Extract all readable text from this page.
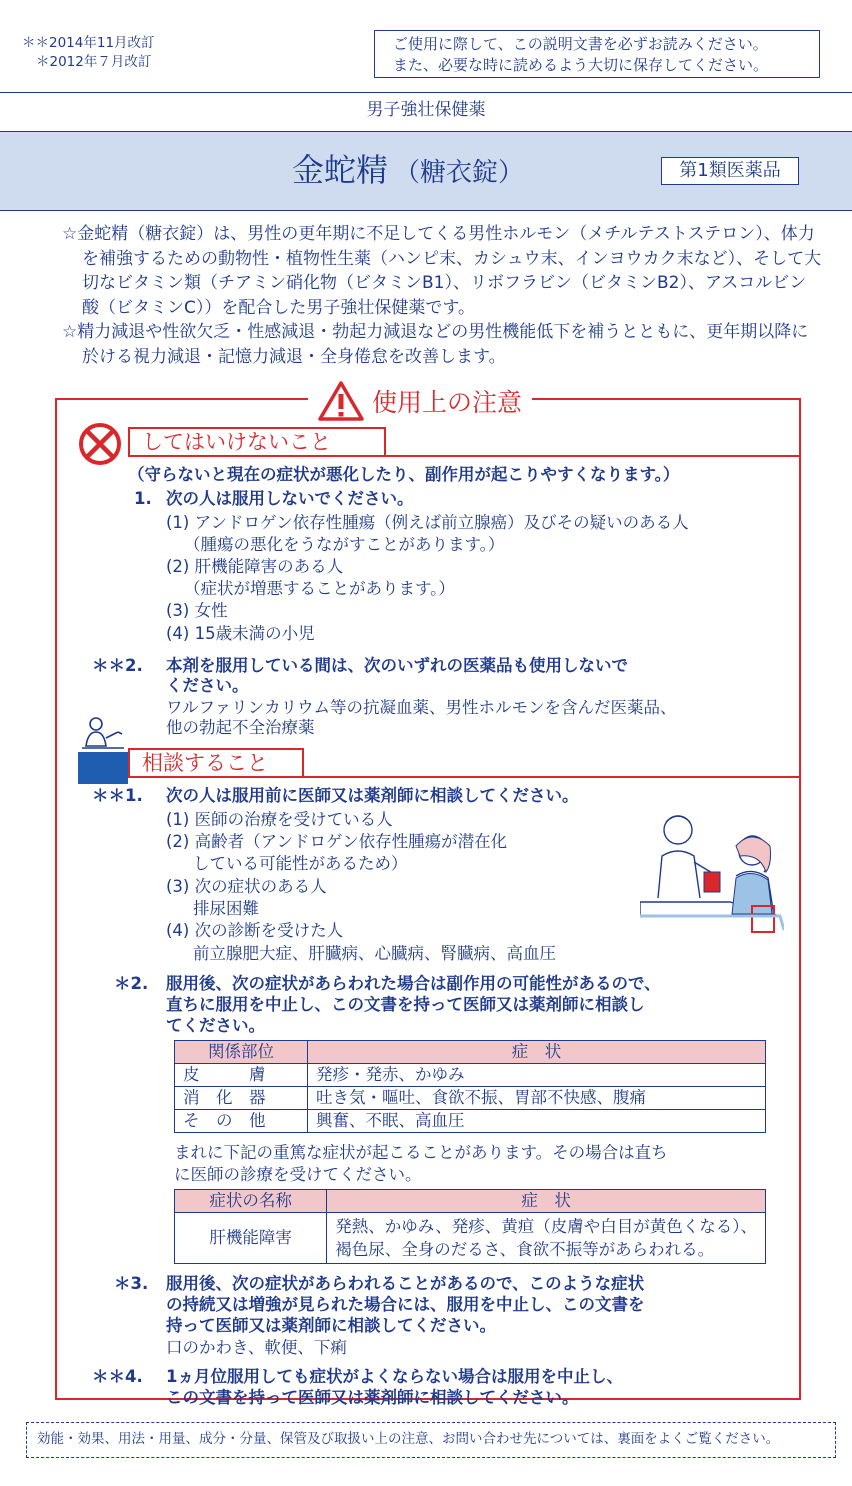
＊＊2014年11月改訂
＊2012年７月改訂
ご使用に際して、この説明文書を必ずお読みください。
また、必要な時に読めるよう大切に保存してください。
男子強壮保健薬
金蛇精 （糖衣錠）	第1類医薬品

☆金蛇精（糖衣錠）は、男性の更年期に不足してくる男性ホルモン（メチルテストステロン）、体力を補強するための動物性・植物性生薬（ハンピ末、カシュウ末、インヨウカク末など）、そして大切なビタミン類（チアミン硝化物（ビタミンB1）、リボフラビン（ビタミンB2）、アスコルビン酸（ビタミンC））を配合した男子強壮保健薬です。

☆精力減退や性欲欠乏・性感減退・勃起力減退などの男性機能低下を補うとともに、更年期以降に於ける視力減退・記憶力減退・全身倦怠を改善します。

使用上の注意
してはいけないこと
（守らないと現在の症状が悪化したり、副作用が起こりやすくなります。）
1. 次の人は服用しないでください。
(1) アンドロゲン依存性腫瘍（例えば前立腺癌）及びその疑いのある人
（腫瘍の悪化をうながすことがあります。）
(2) 肝機能障害のある人
（症状が増悪することがあります。）
(3) 女性
(4) 15歳未満の小児
＊＊2. 本剤を服用している間は、次のいずれの医薬品も使用しないで
ください。
ワルファリンカリウム等の抗凝血薬、男性ホルモンを含んだ医薬品、
他の勃起不全治療薬
相談すること
＊＊1. 次の人は服用前に医師又は薬剤師に相談してください。
(1) 医師の治療を受けている人
(2) 高齢者（アンドロゲン依存性腫瘍が潜在化
している可能性があるため）
(3) 次の症状のある人
排尿困難
(4) 次の診断を受けた人
前立腺肥大症、肝臓病、心臓病、腎臓病、高血圧
＊2. 服用後、次の症状があらわれた場合は副作用の可能性があるので、
直ちに服用を中止し、この文書を持って医師又は薬剤師に相談し
てください。
関係部位	症　状
皮　　　膚	発疹・発赤、かゆみ
消　化　器	吐き気・嘔吐、食欲不振、胃部不快感、腹痛
そ　の　他	興奮、不眠、高血圧
まれに下記の重篤な症状が起こることがあります。その場合は直ち
に医師の診療を受けてください。
症状の名称	症　状
肝機能障害	発熱、かゆみ、発疹、黄疸（皮膚や白目が黄色くなる）、
褐色尿、全身のだるさ、食欲不振等があらわれる。
＊3. 服用後、次の症状があらわれることがあるので、このような症状
の持続又は増強が見られた場合には、服用を中止し、この文書を
持って医師又は薬剤師に相談してください。
口のかわき、軟便、下痢
＊＊4. 1ヵ月位服用しても症状がよくならない場合は服用を中止し、
この文書を持って医師又は薬剤師に相談してください。
効能・効果、用法・用量、成分・分量、保管及び取扱い上の注意、お問い合わせ先については、裏面をよくご覧ください。
